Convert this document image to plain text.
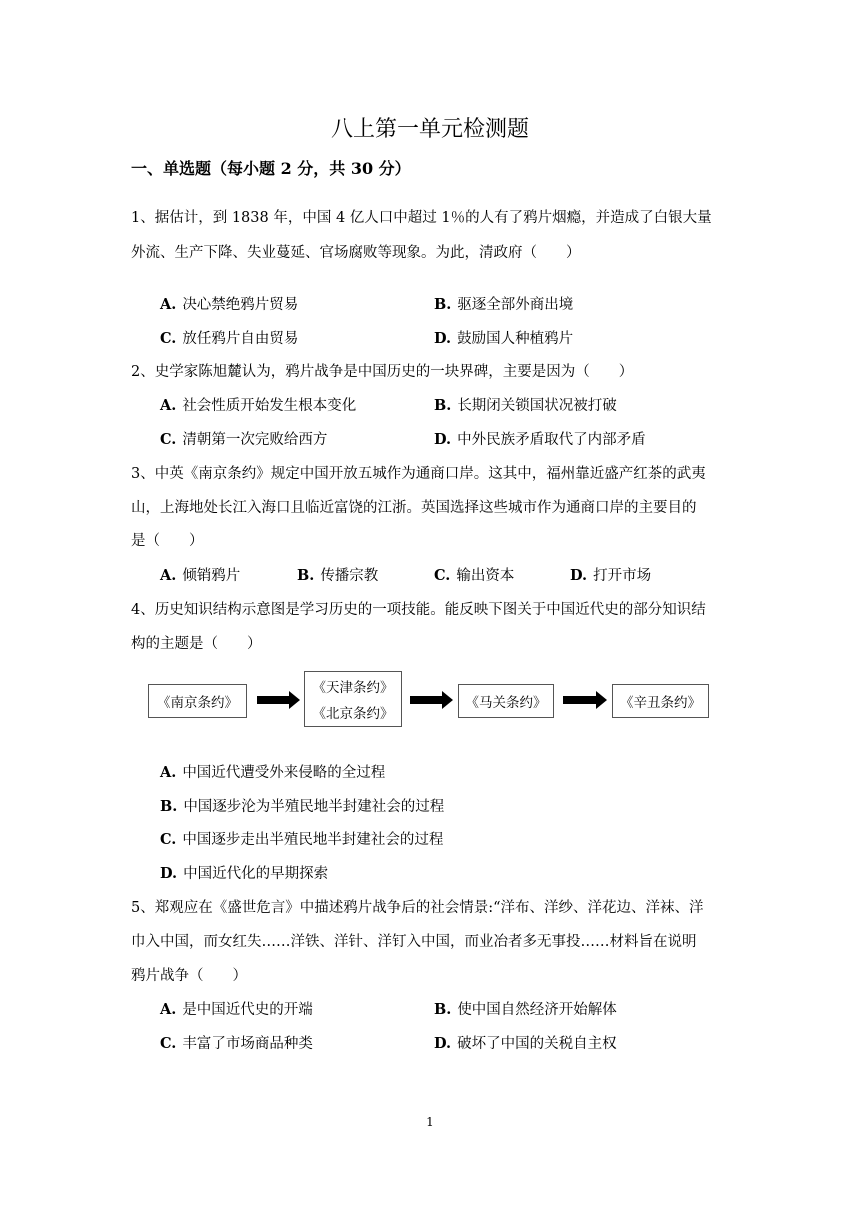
八上第一单元检测题
一、单选题（每小题 2 分，共 30 分）
1、据估计，到 1838 年，中国 4 亿人口中超过 1％的人有了鸦片烟瘾，并造成了白银大量
外流、生产下降、失业蔓延、官场腐败等现象。为此，清政府（　　）
A. 决心禁绝鸦片贸易	B. 驱逐全部外商出境
C. 放任鸦片自由贸易	D. 鼓励国人种植鸦片
2、史学家陈旭麓认为，鸦片战争是中国历史的一块界碑，主要是因为（　　）
A. 社会性质开始发生根本变化	B. 长期闭关锁国状况被打破
C. 清朝第一次完败给西方	D. 中外民族矛盾取代了内部矛盾
3、中英《南京条约》规定中国开放五城作为通商口岸。这其中，福州靠近盛产红茶的武夷
山，上海地处长江入海口且临近富饶的江浙。英国选择这些城市作为通商口岸的主要目的
是（　　）
A. 倾销鸦片	B. 传播宗教	C. 输出资本	D. 打开市场
4、历史知识结构示意图是学习历史的一项技能。能反映下图关于中国近代史的部分知识结
构的主题是（　　）
《南京条约》
《天津条约》
《北京条约》
《马关条约》	《辛丑条约》
A. 中国近代遭受外来侵略的全过程
B. 中国逐步沦为半殖民地半封建社会的过程
C. 中国逐步走出半殖民地半封建社会的过程
D. 中国近代化的早期探索
5、郑观应在《盛世危言》中描述鸦片战争后的社会情景:“洋布、洋纱、洋花边、洋袜、洋
巾入中国，而女红失……洋铁、洋针、洋钉入中国，而业冶者多无事投……材料旨在说明
鸦片战争（　　）
A. 是中国近代史的开端	B. 使中国自然经济开始解体
C. 丰富了市场商品种类	D. 破坏了中国的关税自主权
1
